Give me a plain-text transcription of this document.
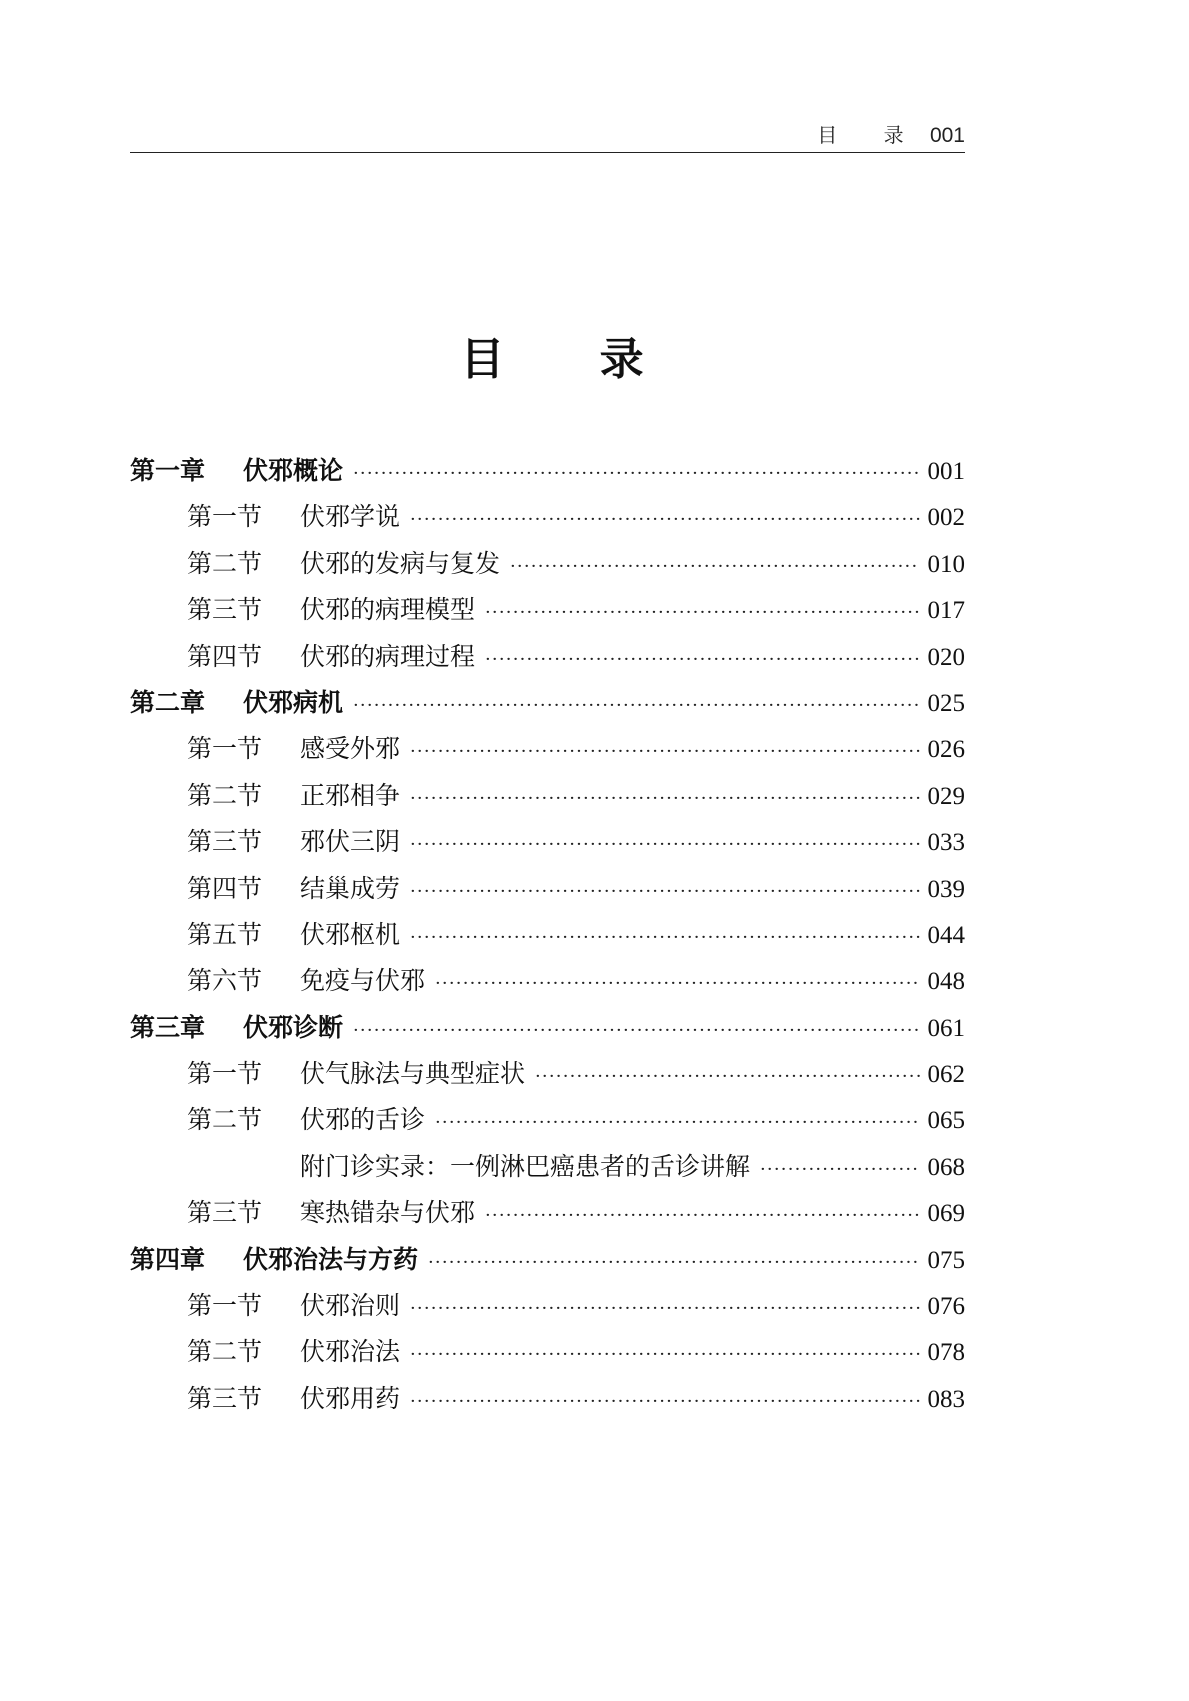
目 录 001
目 录
第一章	伏邪概论 ·····	001
第一节	伏邪学说 ·····	002
第二节	伏邪的发病与复发 ·····	010
第三节	伏邪的病理模型 ·····	017
第四节	伏邪的病理过程 ·····	020
第二章	伏邪病机 ·····	025
第一节	感受外邪 ·····	026
第二节	正邪相争 ·····	029
第三节	邪伏三阴 ·····	033
第四节	结巢成劳 ·····	039
第五节	伏邪枢机 ·····	044
第六节	免疫与伏邪 ·····	048
第三章	伏邪诊断 ·····	061
第一节	伏气脉法与典型症状 ·····	062
第二节	伏邪的舌诊 ·····	065
附门诊实录：一例淋巴癌患者的舌诊讲解 ·····	068
第三节	寒热错杂与伏邪 ·····	069
第四章	伏邪治法与方药 ·····	075
第一节	伏邪治则 ·····	076
第二节	伏邪治法 ·····	078
第三节	伏邪用药 ·····	083
